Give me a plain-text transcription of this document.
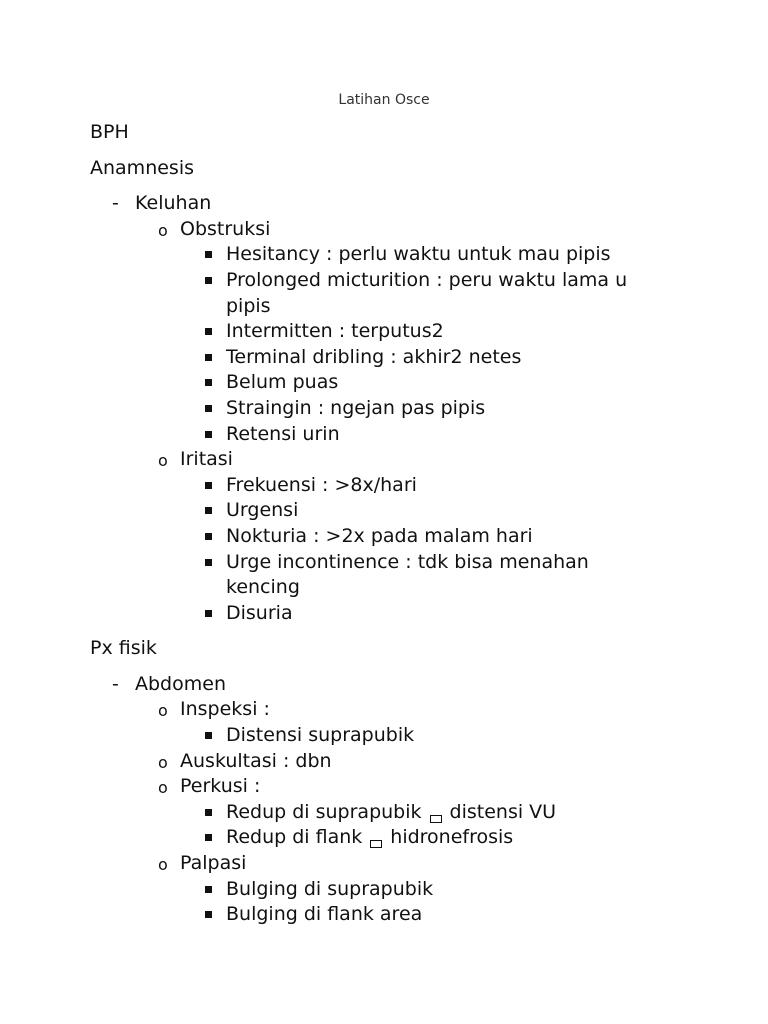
Latihan Osce
BPH
Anamnesis
- Keluhan
o Obstruksi
Hesitancy : perlu waktu untuk mau pipis
Prolonged micturition : peru waktu lama u pipis
Intermitten : terputus2
Terminal dribling : akhir2 netes
Belum puas
Straingin : ngejan pas pipis
Retensi urin
o Iritasi
Frekuensi : >8x/hari
Urgensi
Nokturia : >2x pada malam hari
Urge incontinence : tdk bisa menahan kencing
Disuria
Px fisik
- Abdomen
o Inspeksi :
Distensi suprapubik
o Auskultasi : dbn
o Perkusi :
Redup di suprapubik distensi VU
Redup di flank hidronefrosis
o Palpasi
Bulging di suprapubik
Bulging di flank area
